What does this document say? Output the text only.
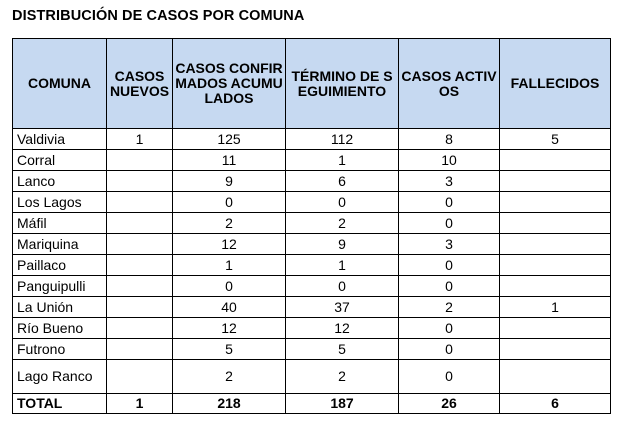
DISTRIBUCIÓN DE CASOS POR COMUNA
COMUNA	CASOS NUEVOS	CASOS CONFIRMADOS ACUMULADOS	TÉRMINO DE SEGUIMIENTO	CASOS ACTIVOS	FALLECIDOS
Valdivia	1	125	112	8	5
Corral		11	1	10	
Lanco		9	6	3	
Los Lagos		0	0	0	
Máfil		2	2	0	
Mariquina		12	9	3	
Paillaco		1	1	0	
Panguipulli		0	0	0	
La Unión		40	37	2	1
Río Bueno		12	12	0	
Futrono		5	5	0	
Lago Ranco		2	2	0	
TOTAL	1	218	187	26	6
